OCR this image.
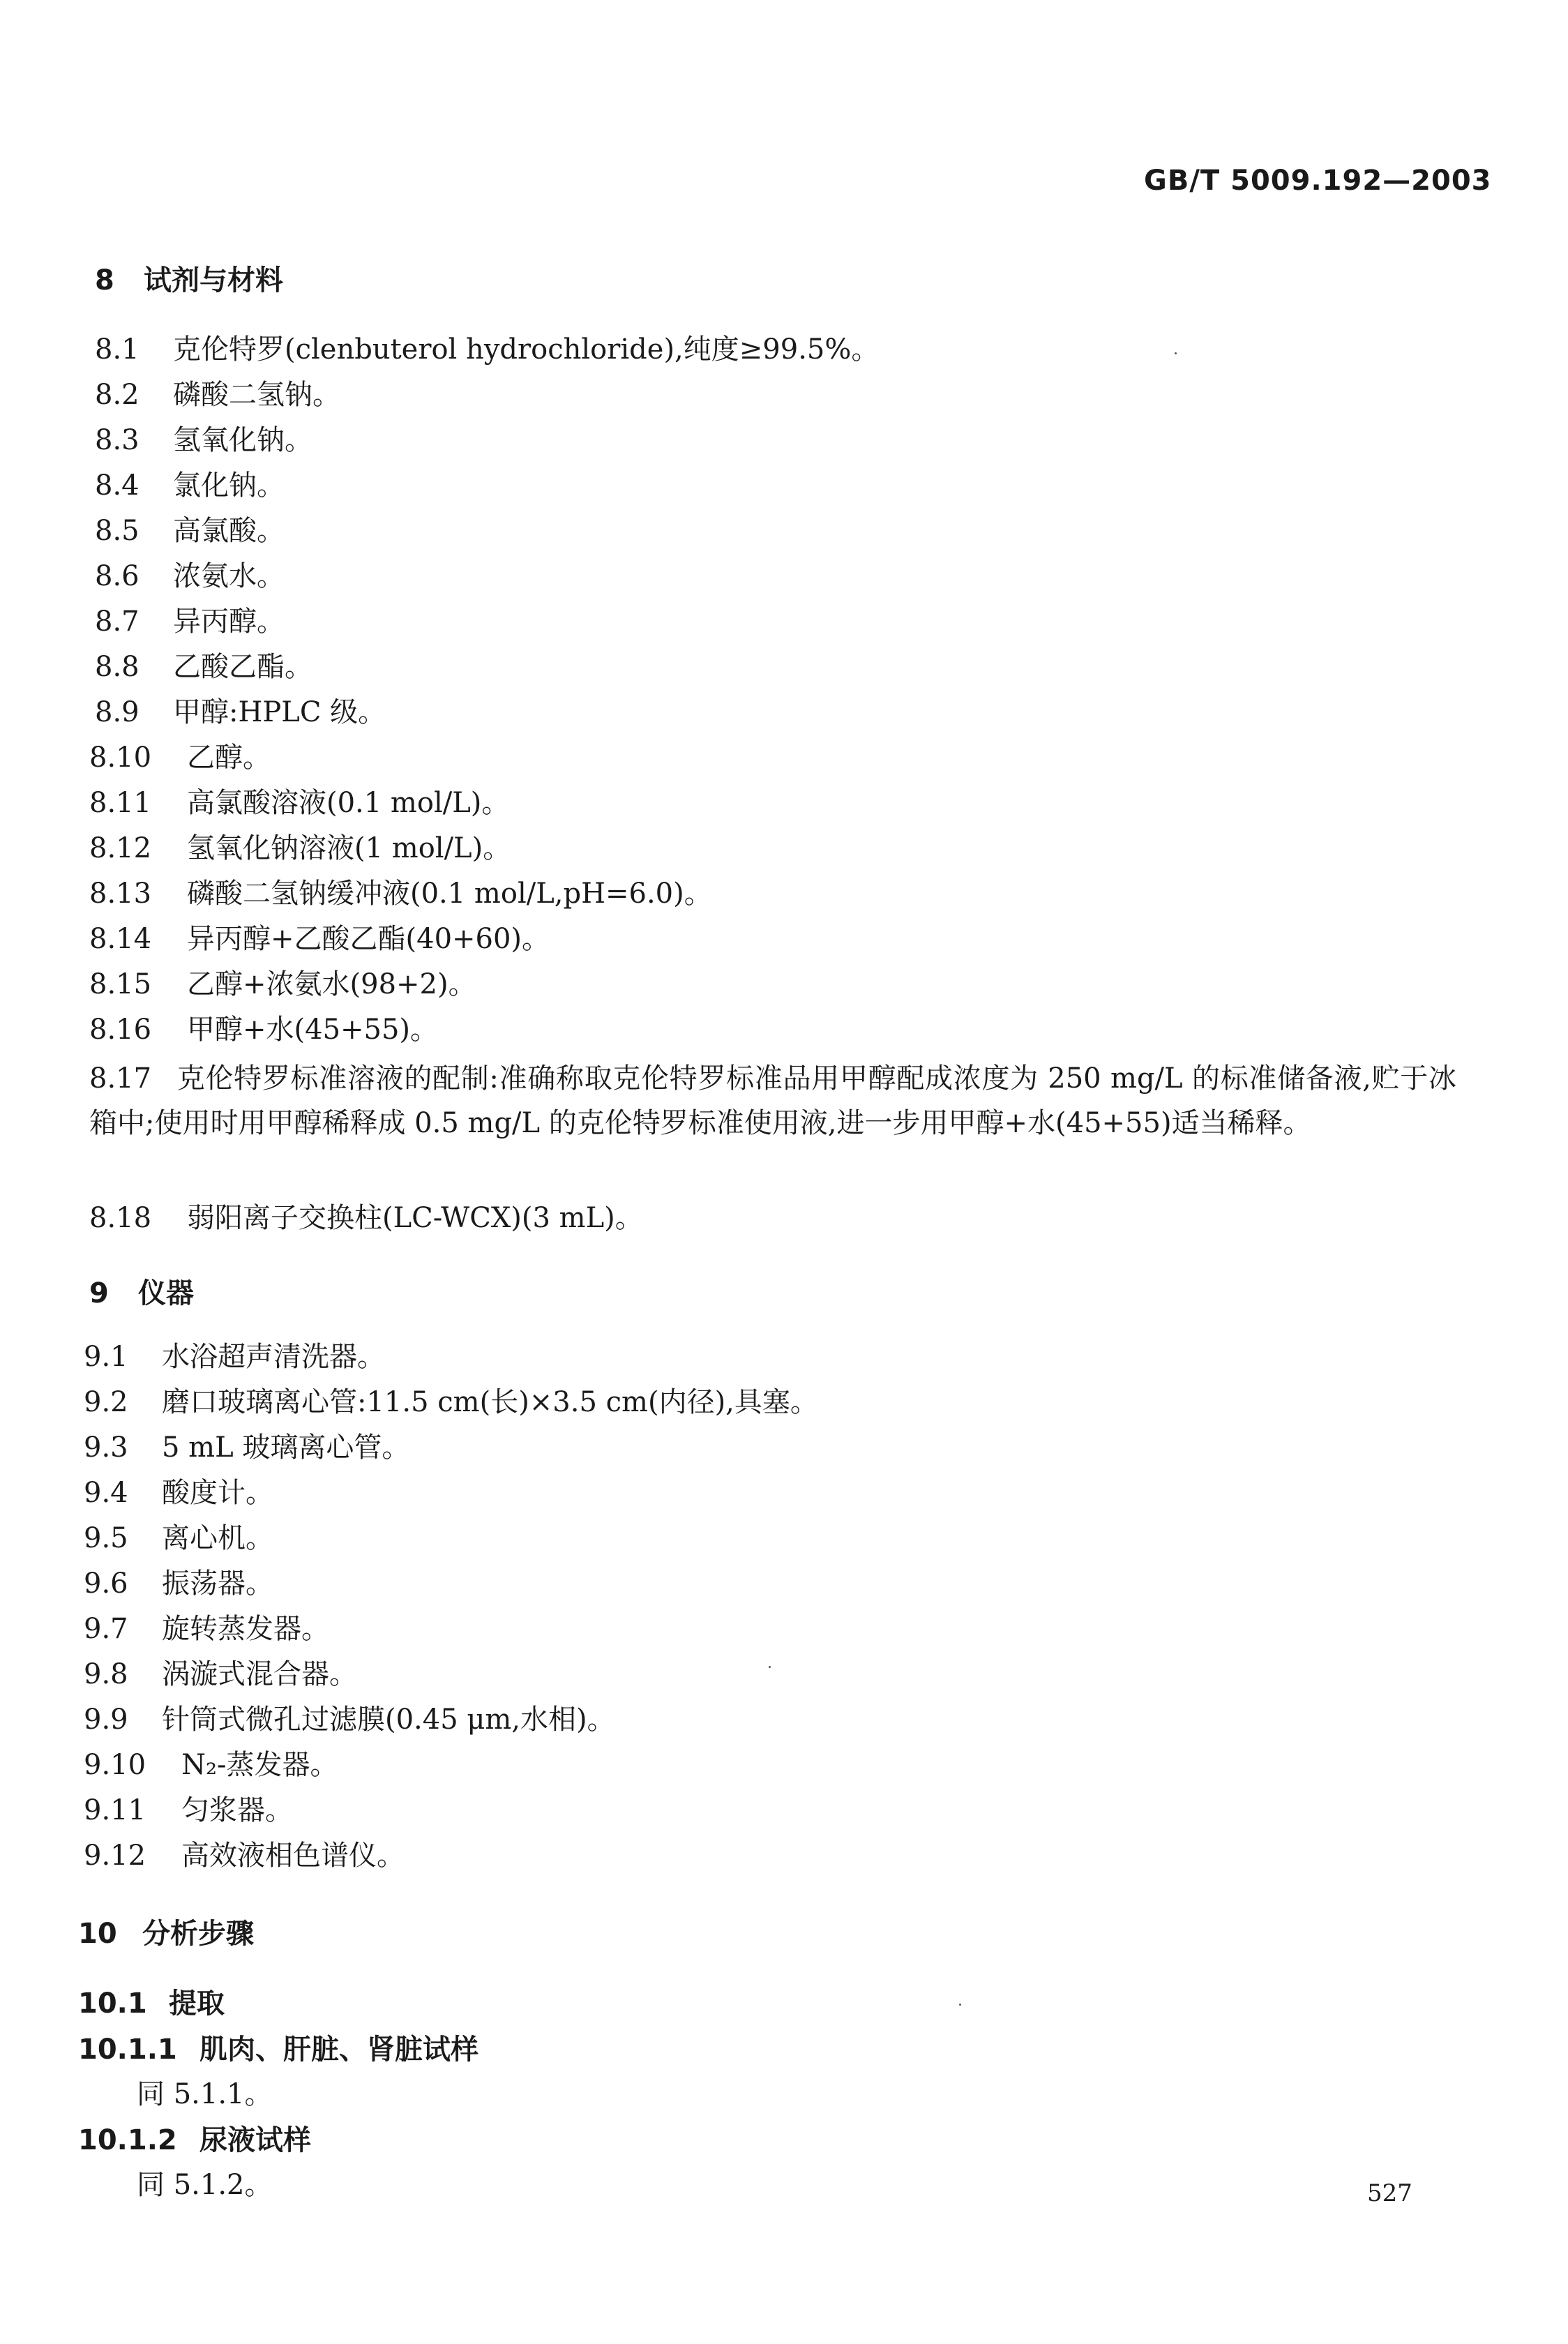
GB/T 5009.192—2003
8 试剂与材料
8.1 克伦特罗(clenbuterol hydrochloride),纯度≥99.5%。
8.2 磷酸二氢钠。
8.3 氢氧化钠。
8.4 氯化钠。
8.5 高氯酸。
8.6 浓氨水。
8.7 异丙醇。
8.8 乙酸乙酯。
8.9 甲醇:HPLC 级。
8.10 乙醇。
8.11 高氯酸溶液(0.1 mol/L)。
8.12 氢氧化钠溶液(1 mol/L)。
8.13 磷酸二氢钠缓冲液(0.1 mol/L,pH=6.0)。
8.14 异丙醇+乙酸乙酯(40+60)。
8.15 乙醇+浓氨水(98+2)。
8.16 甲醇+水(45+55)。
8.17 克伦特罗标准溶液的配制:准确称取克伦特罗标准品用甲醇配成浓度为 250 mg/L 的标准储备液,贮于冰箱中;使用时用甲醇稀释成 0.5 mg/L 的克伦特罗标准使用液,进一步用甲醇+水(45+55)适当稀释。
8.18 弱阳离子交换柱(LC-WCX)(3 mL)。
9 仪器
9.1 水浴超声清洗器。
9.2 磨口玻璃离心管:11.5 cm(长)×3.5 cm(内径),具塞。
9.3 5 mL 玻璃离心管。
9.4 酸度计。
9.5 离心机。
9.6 振荡器。
9.7 旋转蒸发器。
9.8 涡漩式混合器。
9.9 针筒式微孔过滤膜(0.45 μm,水相)。
9.10 N₂-蒸发器。
9.11 匀浆器。
9.12 高效液相色谱仪。
10 分析步骤
10.1 提取
10.1.1 肌肉、肝脏、肾脏试样
同 5.1.1。
10.1.2 尿液试样
同 5.1.2。	527
